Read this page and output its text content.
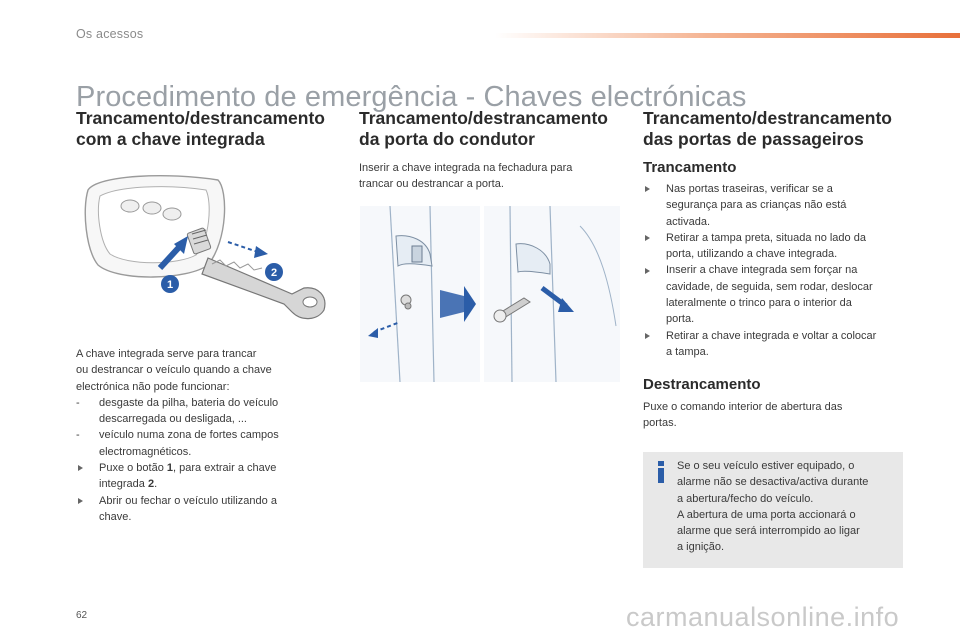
Os acessos
Procedimento de emergência - Chaves electrónicas
Trancamento/destrancamento
com a chave integrada
1
2
A chave integrada serve para trancar
ou destrancar o veículo quando a chave
electrónica não pode funcionar:
-	desgaste da pilha, bateria do veículo
descarregada ou desligada, ...
-	veículo numa zona de fortes campos
electromagnéticos.
Puxe o botão 1, para extrair a chave
integrada 2.
Abrir ou fechar o veículo utilizando a
chave.
Trancamento/destrancamento
da porta do condutor
Inserir a chave integrada na fechadura para
trancar ou destrancar a porta.
Trancamento/destrancamento
das portas de passageiros
Trancamento
Nas portas traseiras, verificar se a
segurança para as crianças não está
activada.
Retirar a tampa preta, situada no lado da
porta, utilizando a chave integrada.
Inserir a chave integrada sem forçar na
cavidade, de seguida, sem rodar, deslocar
lateralmente o trinco para o interior da
porta.
Retirar a chave integrada e voltar a colocar
a tampa.
Destrancamento
Puxe o comando interior de abertura das
portas.
Se o seu veículo estiver equipado, o
alarme não se desactiva/activa durante
a abertura/fecho do veículo.
A abertura de uma porta accionará o
alarme que será interrompido ao ligar
a ignição.
62	carmanualsonline.info
